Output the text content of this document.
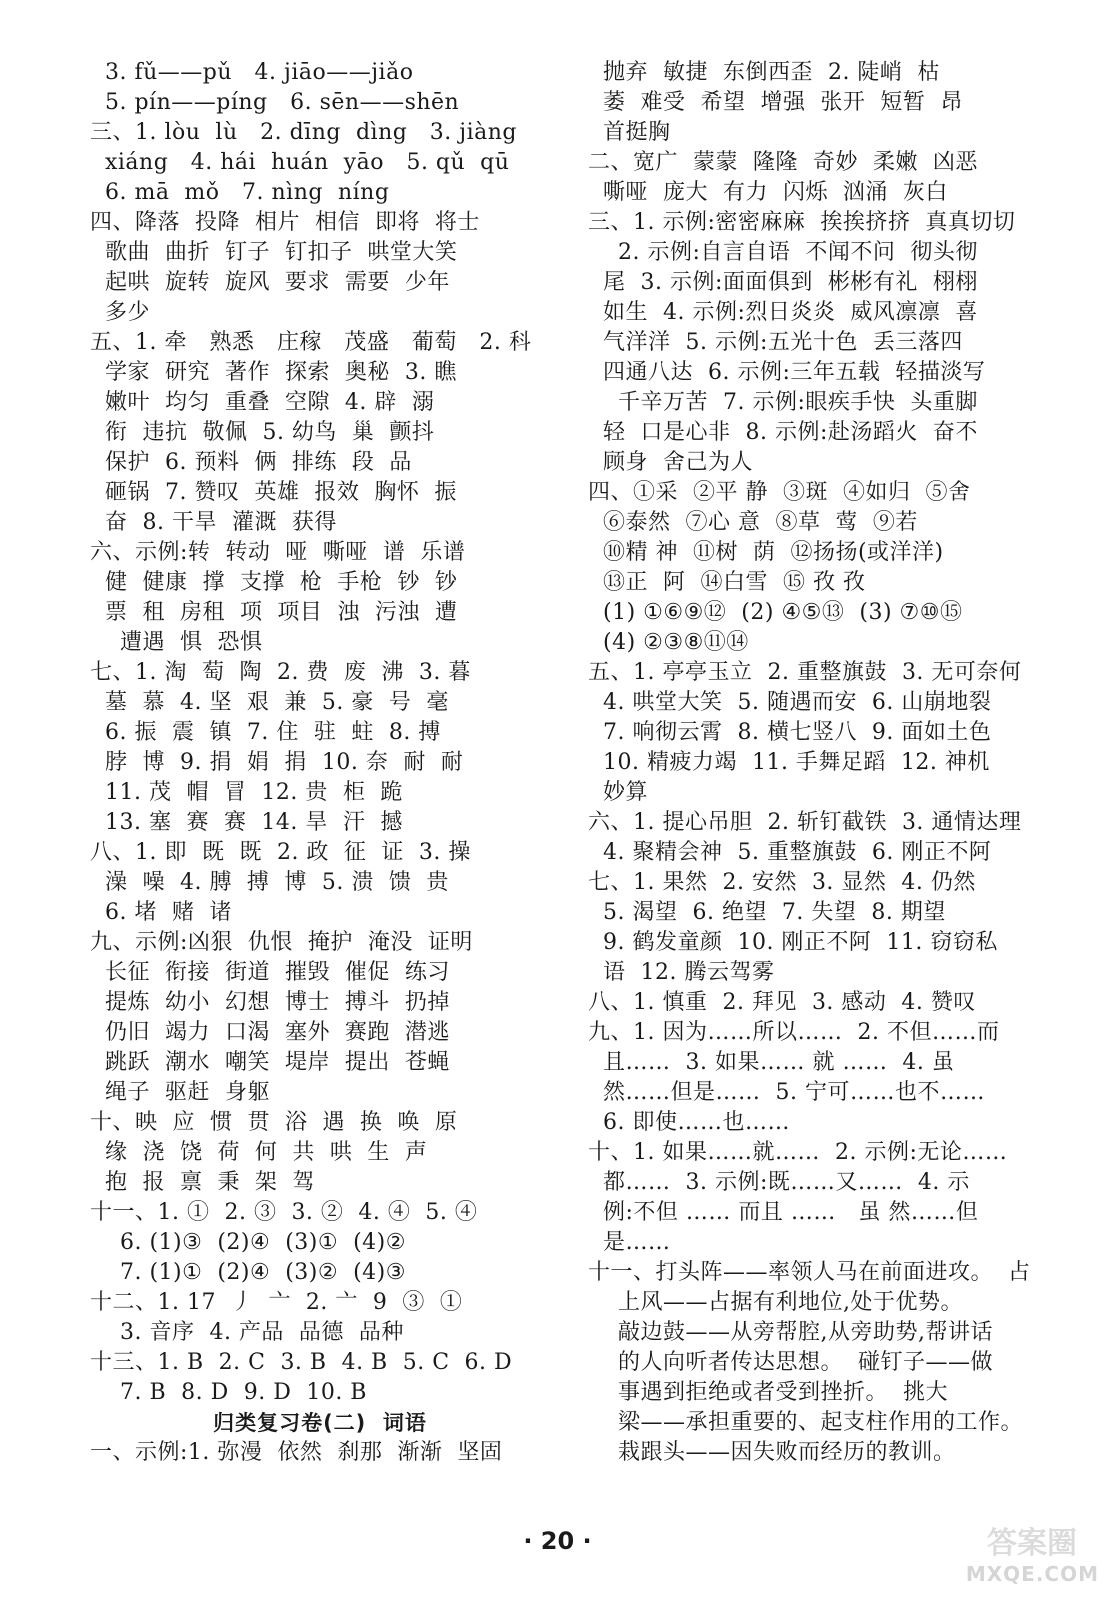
3. fǔ——pǔ   4. jiāo——jiǎo
5. pín——píng   6. sēn——shēn
三、1. lòu  lù   2. dīng  dìng   3. jiàng
xiáng   4. hái  huán  yāo   5. qǔ  qū
6. mā  mǒ   7. nìng  níng
四、降落  投降  相片  相信  即将  将士
歌曲  曲折  钉子  钉扣子  哄堂大笑
起哄  旋转  旋风  要求  需要  少年
多少
五、1. 牵   熟悉   庄稼   茂盛   葡萄   2. 科
学家  研究  著作  探索  奥秘  3. 瞧
嫩叶  均匀  重叠  空隙  4. 辟  溺
衔  违抗  敬佩  5. 幼鸟  巢  颤抖
保护  6. 预料  俩  排练  段  品
砸锅  7. 赞叹  英雄  报效  胸怀  振
奋  8. 干旱  灌溉  获得
六、示例:转  转动  哑  嘶哑  谱  乐谱
健  健康  撑  支撑  枪  手枪  钞  钞
票  租  房租  项  项目  浊  污浊  遭
遭遇  惧  恐惧
七、1. 淘  萄  陶  2. 费  废  沸  3. 暮
墓  慕  4. 坚  艰  兼  5. 豪  号  毫
6. 振  震  镇  7. 住  驻  蛀  8. 搏
脖  博  9. 捐  娟  捐  10. 奈  耐  耐
11. 茂  帽  冒  12. 贵  柜  跪
13. 塞  赛  赛  14. 旱  汗  撼
八、1. 即  既  既  2. 政  征  证  3. 操
澡  噪  4. 膊  搏  博  5. 溃  馈  贵
6. 堵  赌  诸
九、示例:凶狠  仇恨  掩护  淹没  证明
长征  衔接  街道  摧毁  催促  练习
提炼  幼小  幻想  博士  搏斗  扔掉
仍旧  竭力  口渴  塞外  赛跑  潜逃
跳跃  潮水  嘲笑  堤岸  提出  苍蝇
绳子  驱赶  身躯
十、映  应  惯  贯  浴  遇  换  唤  原
缘  浇  饶  荷  何  共  哄  生  声
抱  报  禀  秉  架  驾
十一、1. ①  2. ③  3. ②  4. ④  5. ④
6. (1)③  (2)④  (3)①  (4)②
7. (1)①  (2)④  (3)②  (4)③
十二、1. 17  丿  亠  2. 亠  9  ③  ①
3. 音序  4. 产品  品德  品种
十三、1. B  2. C  3. B  4. B  5. C  6. D
7. B  8. D  9. D  10. B
归类复习卷(二)  词语
一、示例:1. 弥漫  依然  刹那  渐渐  坚固
抛弃  敏捷  东倒西歪  2. 陡峭  枯
萎  难受  希望  增强  张开  短暂  昂
首挺胸
二、宽广  蒙蒙  隆隆  奇妙  柔嫩  凶恶
嘶哑  庞大  有力  闪烁  汹涌  灰白
三、1. 示例:密密麻麻  挨挨挤挤  真真切切
2. 示例:自言自语  不闻不问  彻头彻
尾  3. 示例:面面俱到  彬彬有礼  栩栩
如生  4. 示例:烈日炎炎  威风凛凛  喜
气洋洋  5. 示例:五光十色  丢三落四
四通八达  6. 示例:三年五载  轻描淡写
千辛万苦  7. 示例:眼疾手快  头重脚
轻  口是心非  8. 示例:赴汤蹈火  奋不
顾身  舍己为人
四、①采  ②平 静  ③斑  ④如归  ⑤舍
⑥泰然  ⑦心 意  ⑧草  莺  ⑨若
⑩精 神  ⑪树  荫  ⑫扬扬(或洋洋)
⑬正  阿  ⑭白雪  ⑮ 孜 孜
(1) ①⑥⑨⑫  (2) ④⑤⑬  (3) ⑦⑩⑮
(4) ②③⑧⑪⑭
五、1. 亭亭玉立  2. 重整旗鼓  3. 无可奈何
4. 哄堂大笑  5. 随遇而安  6. 山崩地裂
7. 响彻云霄  8. 横七竖八  9. 面如土色
10. 精疲力竭  11. 手舞足蹈  12. 神机
妙算
六、1. 提心吊胆  2. 斩钉截铁  3. 通情达理
4. 聚精会神  5. 重整旗鼓  6. 刚正不阿
七、1. 果然  2. 安然  3. 显然  4. 仍然
5. 渴望  6. 绝望  7. 失望  8. 期望
9. 鹤发童颜  10. 刚正不阿  11. 窃窃私
语  12. 腾云驾雾
八、1. 慎重  2. 拜见  3. 感动  4. 赞叹
九、1. 因为……所以……  2. 不但……而
且……  3. 如果…… 就 ……  4. 虽
然……但是……  5. 宁可……也不……
6. 即使……也……
十、1. 如果……就……  2. 示例:无论……
都……  3. 示例:既……又……  4. 示
例:不但 …… 而且 ……   虽 然……但
是……
十一、打头阵——率领人马在前面进攻。  占
上风——占据有利地位,处于优势。
敲边鼓——从旁帮腔,从旁助势,帮讲话
的人向听者传达思想。  碰钉子——做
事遇到拒绝或者受到挫折。  挑大
梁——承担重要的、起支柱作用的工作。
栽跟头——因失败而经历的教训。
· 20 ·	答案圈
MXQE.COM
